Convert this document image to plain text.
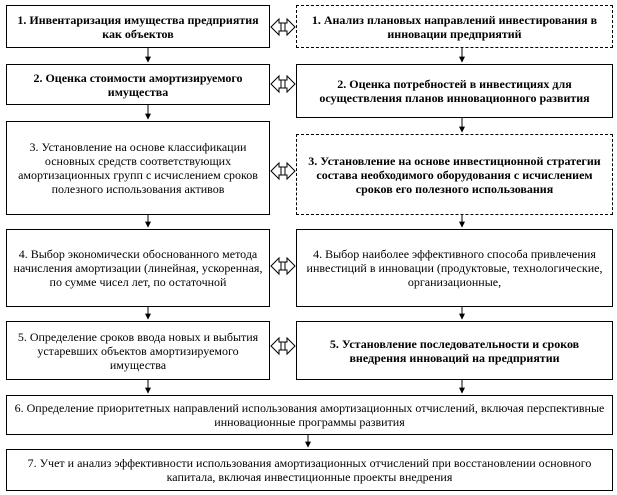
1. Инвентаризация имущества предприятия как объектов
2. Оценка стоимости амортизируемого имущества
3. Установление на основе классификации основных средств соответствующих амортизационных групп с исчислением сроков полезного использования активов
4. Выбор экономически обоснованного метода начисления амортизации (линейная, ускоренная, по сумме чисел лет, по остаточной
5. Определение сроков ввода новых и выбытия устаревших объектов амортизируемого имущества
1. Анализ плановых направлений инвестирования в инновации предприятий
2. Оценка потребностей в инвестициях для осуществления планов инновационного развития
3. Установление на основе инвестиционной стратегии состава необходимого оборудования с исчислением сроков его полезного использования
4. Выбор наиболее эффективного способа привлечения инвестиций в инновации (продуктовые, технологические, организационные,
5. Установление последовательности и сроков внедрения инноваций на предприятии
6. Определение приоритетных направлений использования амортизационных отчислений, включая перспективные инновационные программы развития
7. Учет и анализ эффективности использования амортизационных отчислений при восстановлении основного капитала, включая инвестиционные проекты внедрения
